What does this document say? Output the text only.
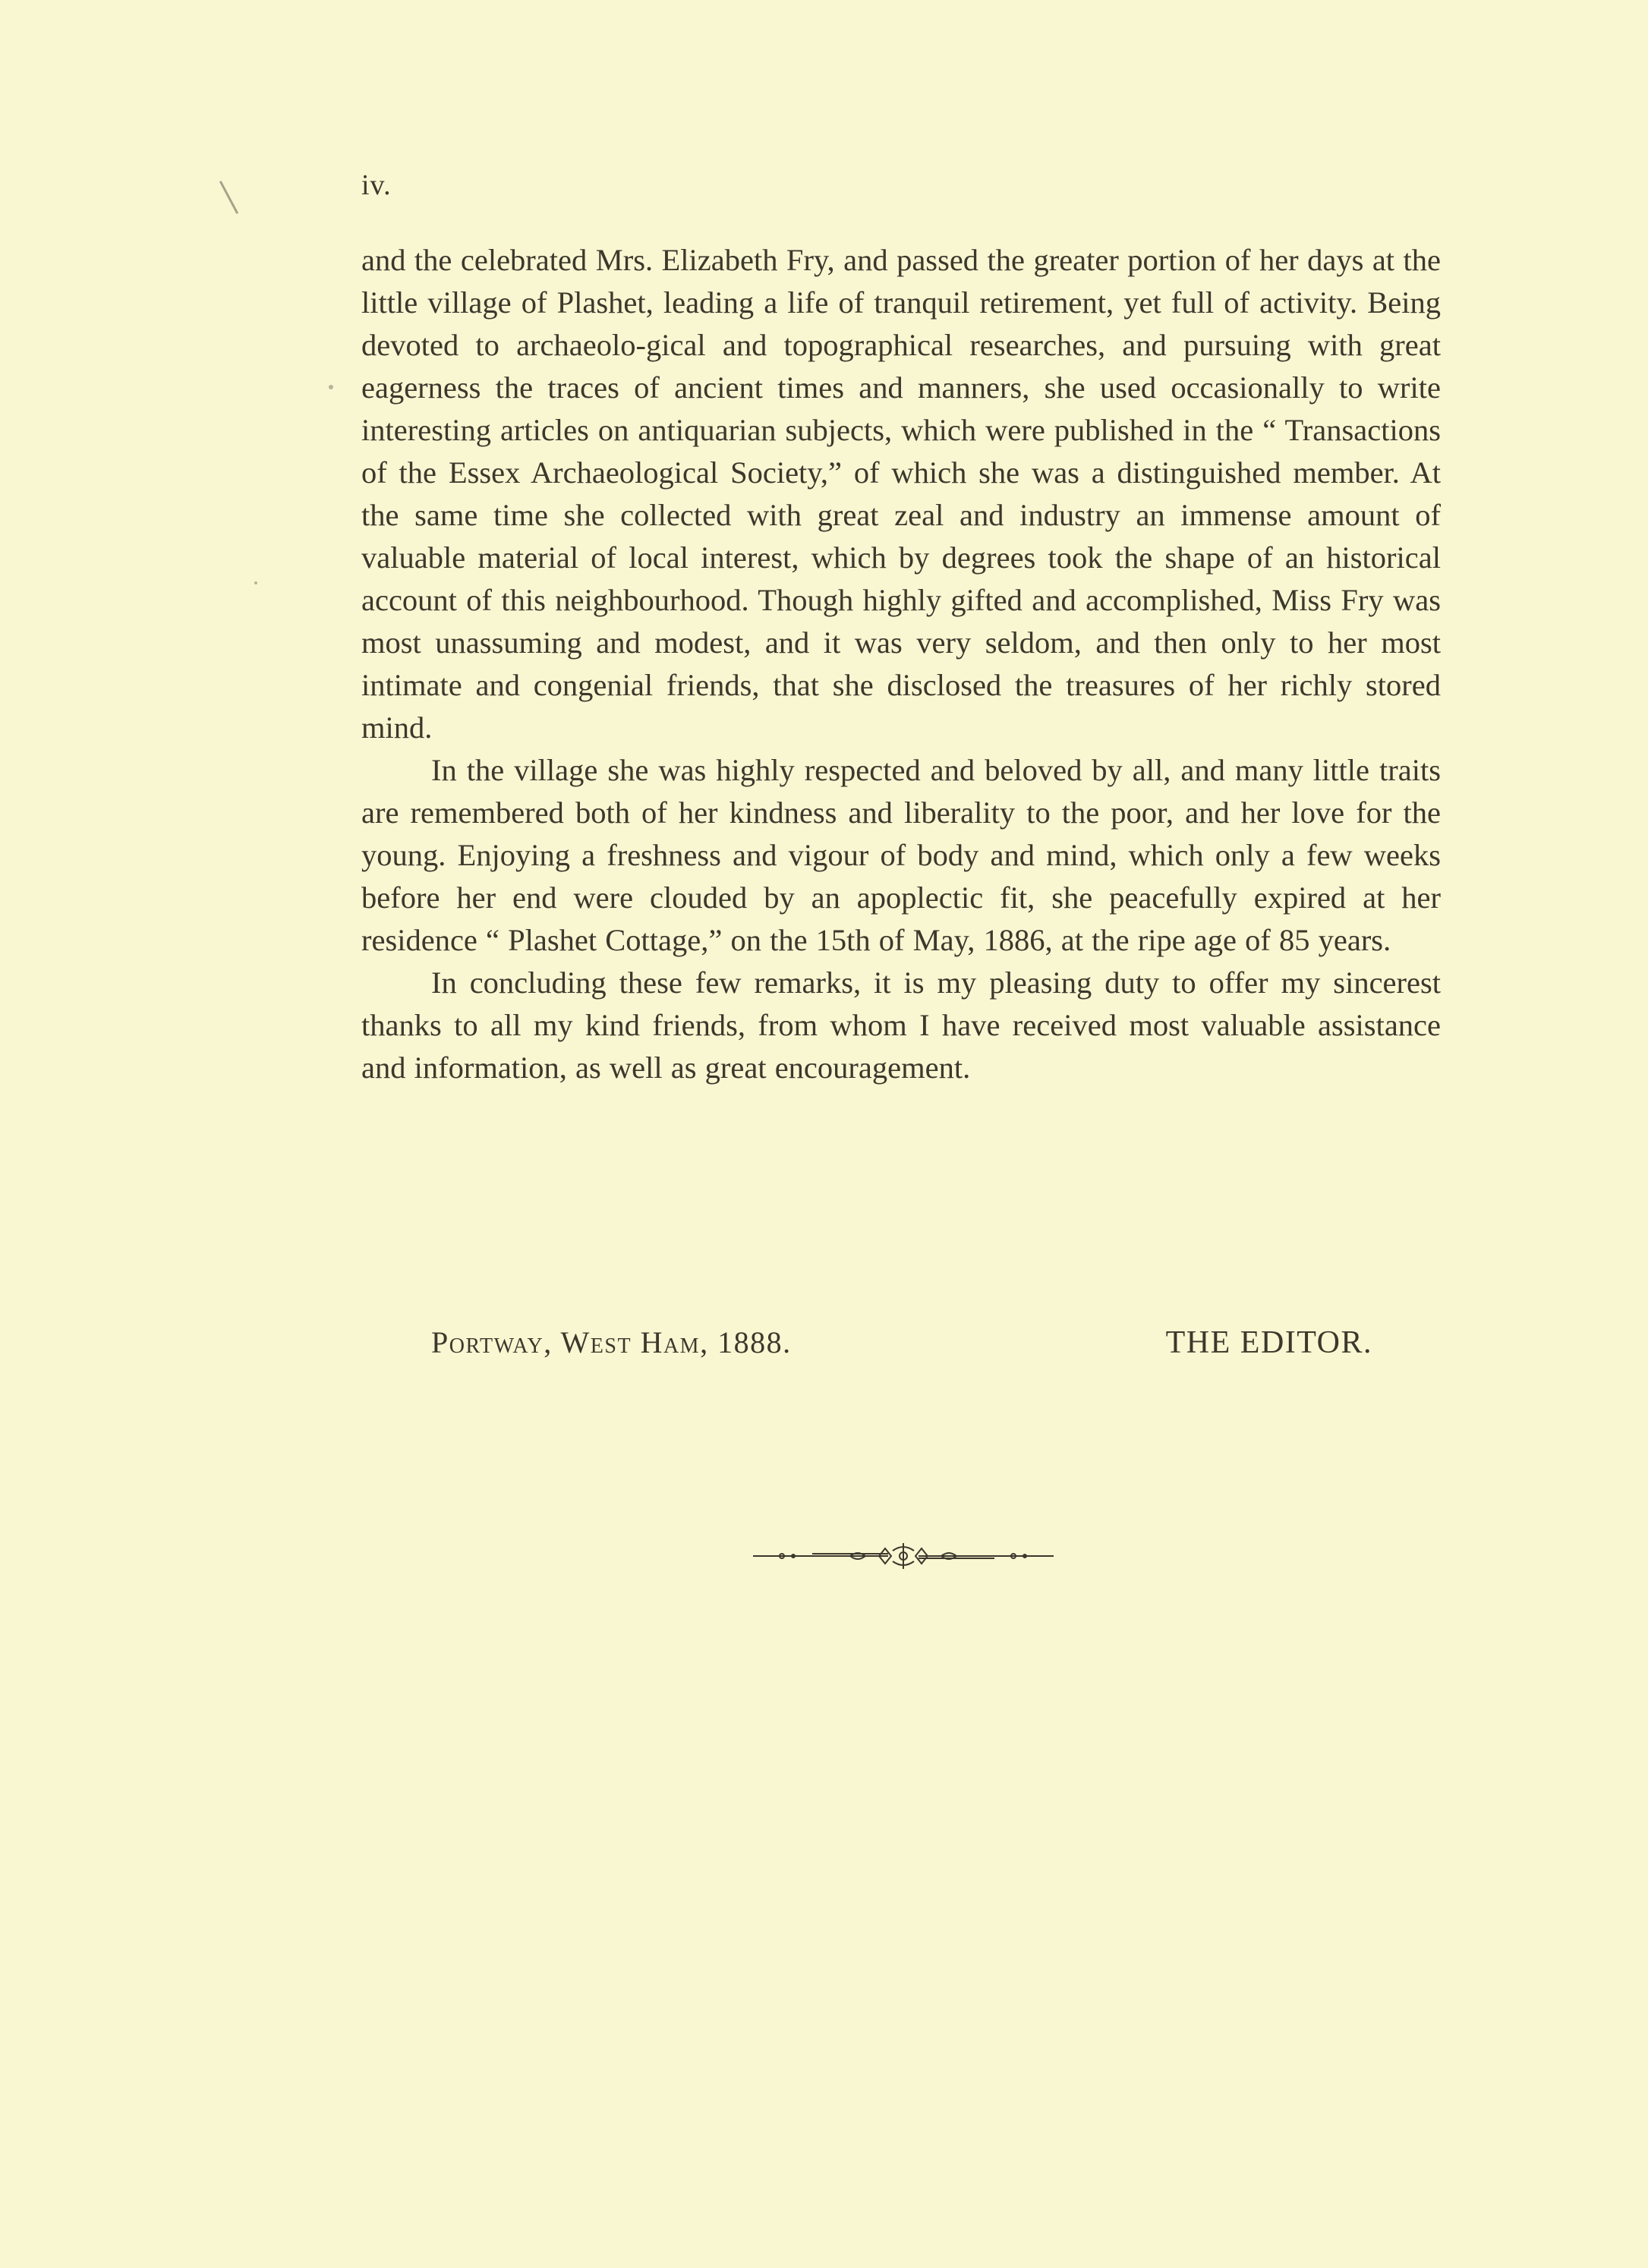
iv.

and the celebrated Mrs. Elizabeth Fry, and passed the greater portion of her days at the little village of Plashet, leading a life of tranquil retirement, yet full of activity. Being devoted to archaeolo-gical and topographical researches, and pursuing with great eagerness the traces of ancient times and manners, she used occasionally to write interesting articles on antiquarian subjects, which were published in the “ Transactions of the Essex Archaeological Society,” of which she was a distinguished member. At the same time she collected with great zeal and industry an immense amount of valuable material of local interest, which by degrees took the shape of an historical account of this neighbourhood. Though highly gifted and accomplished, Miss Fry was most unassuming and modest, and it was very seldom, and then only to her most intimate and congenial friends, that she disclosed the treasures of her richly stored mind.

In the village she was highly respected and beloved by all, and many little traits are remembered both of her kindness and liberality to the poor, and her love for the young. Enjoying a freshness and vigour of body and mind, which only a few weeks before her end were clouded by an apoplectic fit, she peacefully expired at her residence “ Plashet Cottage,” on the 15th of May, 1886, at the ripe age of 85 years.

In concluding these few remarks, it is my pleasing duty to offer my sincerest thanks to all my kind friends, from whom I have received most valuable assistance and information, as well as great encouragement.

Portway, West Ham, 1888.	THE EDITOR.
